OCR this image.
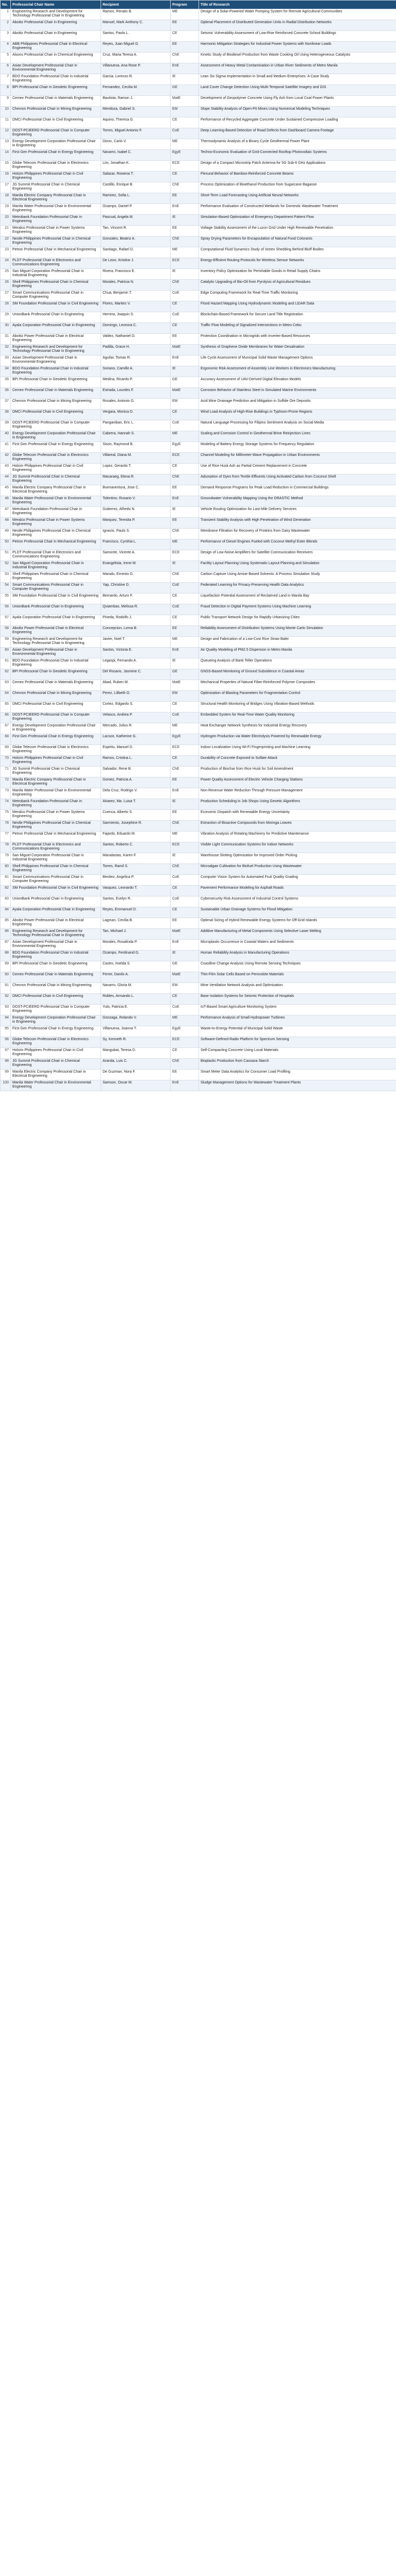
No.	Professorial Chair Name	Recipient	Program	Title of Research
1	Engineering Research and Development for Technology Professorial Chair in Engineering	Ramos, Renato B.	ME	Design of a Solar-Powered Water Pumping System for Remote Agricultural Communities
2	Aboitiz Professorial Chair in Engineering	Manuel, Mark Anthony C.	EE	Optimal Placement of Distributed Generation Units in Radial Distribution Networks
3	Aboitiz Professorial Chair in Engineering	Santos, Paolo L.	CE	Seismic Vulnerability Assessment of Low-Rise Reinforced Concrete School Buildings
4	ABB Philippines Professorial Chair in Electrical Engineering	Reyes, Juan Miguel D.	EE	Harmonic Mitigation Strategies for Industrial Power Systems with Nonlinear Loads
5	Alsons Professorial Chair in Chemical Engineering	Cruz, Maria Teresa A.	ChE	Kinetic Study of Biodiesel Production from Waste Cooking Oil Using Heterogeneous Catalysts
6	Asian Development Professorial Chair in Environmental Engineering	Villanueva, Ana Rose P.	EnE	Assessment of Heavy Metal Contamination in Urban River Sediments of Metro Manila
7	BDO Foundation Professorial Chair in Industrial Engineering	Garcia, Lorenzo R.	IE	Lean Six Sigma Implementation in Small and Medium Enterprises: A Case Study
8	BPI Professorial Chair in Geodetic Engineering	Fernandez, Cecilia M.	GE	Land Cover Change Detection Using Multi-Temporal Satellite Imagery and GIS
9	Cemex Professorial Chair in Materials Engineering	Bautista, Ramon J.	MatE	Development of Geopolymer Concrete Using Fly Ash from Local Coal Power Plants
10	Chevron Professorial Chair in Mining Engineering	Mendoza, Gabriel S.	EM	Slope Stability Analysis of Open-Pit Mines Using Numerical Modeling Techniques
11	DMCI Professorial Chair in Civil Engineering	Aquino, Theresa G.	CE	Performance of Recycled Aggregate Concrete Under Sustained Compressive Loading
12	DOST-PCIEERD Professorial Chair in Computer Engineering	Torres, Miguel Antonio F.	CoE	Deep Learning-Based Detection of Road Defects from Dashboard Camera Footage
13	Energy Development Corporation Professorial Chair in Engineering	Dizon, Carlo V.	ME	Thermodynamic Analysis of a Binary Cycle Geothermal Power Plant
14	First Gen Professorial Chair in Energy Engineering	Navarro, Isabel C.	EgyE	Techno-Economic Evaluation of Grid-Connected Rooftop Photovoltaic Systems
15	Globe Telecom Professorial Chair in Electronics Engineering	Lim, Jonathan K.	ECE	Design of a Compact Microstrip Patch Antenna for 5G Sub-6 GHz Applications
16	Holcim Philippines Professorial Chair in Civil Engineering	Salazar, Rowena T.	CE	Flexural Behavior of Bamboo-Reinforced Concrete Beams
17	JG Summit Professorial Chair in Chemical Engineering	Castillo, Enrique B.	ChE	Process Optimization of Bioethanol Production from Sugarcane Bagasse
18	Manila Electric Company Professorial Chair in Electrical Engineering	Ramirez, Sofia L.	EE	Short-Term Load Forecasting Using Artificial Neural Networks
19	Manila Water Professorial Chair in Environmental Engineering	Ocampo, Daniel P.	EnE	Performance Evaluation of Constructed Wetlands for Domestic Wastewater Treatment
20	Metrobank Foundation Professorial Chair in Engineering	Pascual, Angela M.	IE	Simulation-Based Optimization of Emergency Department Patient Flow
21	Meralco Professorial Chair in Power Systems Engineering	Tan, Vincent R.	EE	Voltage Stability Assessment of the Luzon Grid Under High Renewable Penetration
22	Nestle Philippines Professorial Chair in Chemical Engineering	Gonzales, Beatriz A.	ChE	Spray Drying Parameters for Encapsulation of Natural Food Colorants
23	Petron Professorial Chair in Mechanical Engineering	Santiago, Rafael D.	ME	Computational Fluid Dynamics Study of Vortex Shedding Behind Bluff Bodies
24	PLDT Professorial Chair in Electronics and Communications Engineering	De Leon, Kristine J.	ECE	Energy-Efficient Routing Protocols for Wireless Sensor Networks
25	San Miguel Corporation Professorial Chair in Industrial Engineering	Rivera, Francisco E.	IE	Inventory Policy Optimization for Perishable Goods in Retail Supply Chains
26	Shell Philippines Professorial Chair in Chemical Engineering	Morales, Patricia N.	ChE	Catalytic Upgrading of Bio-Oil from Pyrolysis of Agricultural Residues
27	Smart Communications Professorial Chair in Computer Engineering	Chua, Benjamin T.	CoE	Edge Computing Framework for Real-Time Traffic Monitoring
28	SM Foundation Professorial Chair in Civil Engineering	Flores, Marites V.	CE	Flood Hazard Mapping Using Hydrodynamic Modeling and LiDAR Data
29	UnionBank Professorial Chair in Engineering	Herrera, Joaquin S.	CoE	Blockchain-Based Framework for Secure Land Title Registration
30	Ayala Corporation Professorial Chair in Engineering	Domingo, Leonora C.	CE	Traffic Flow Modeling of Signalized Intersections in Metro Cebu
31	Aboitiz Power Professorial Chair in Electrical Engineering	Valdez, Nathaniel O.	EE	Protection Coordination in Microgrids with Inverter-Based Resources
32	Engineering Research and Development for Technology Professorial Chair in Engineering	Padilla, Grace H.	MatE	Synthesis of Graphene Oxide Membranes for Water Desalination
33	Asian Development Professorial Chair in Environmental Engineering	Aguilar, Tomas R.	EnE	Life Cycle Assessment of Municipal Solid Waste Management Options
34	BDO Foundation Professorial Chair in Industrial Engineering	Soriano, Camille A.	IE	Ergonomic Risk Assessment of Assembly Line Workers in Electronics Manufacturing
35	BPI Professorial Chair in Geodetic Engineering	Medina, Ricardo P.	GE	Accuracy Assessment of UAV-Derived Digital Elevation Models
36	Cemex Professorial Chair in Materials Engineering	Estrada, Lourdes F.	MatE	Corrosion Behavior of Stainless Steel in Simulated Marine Environments
37	Chevron Professorial Chair in Mining Engineering	Rosales, Antonio G.	EM	Acid Mine Drainage Prediction and Mitigation in Sulfide Ore Deposits
38	DMCI Professorial Chair in Civil Engineering	Vergara, Monica D.	CE	Wind Load Analysis of High-Rise Buildings in Typhoon-Prone Regions
39	DOST-PCIEERD Professorial Chair in Computer Engineering	Panganiban, Eric L.	CoE	Natural Language Processing for Filipino Sentiment Analysis on Social Media
40	Energy Development Corporation Professorial Chair in Engineering	Cabrera, Hannah S.	ME	Scaling and Corrosion Control in Geothermal Brine Reinjection Lines
41	First Gen Professorial Chair in Energy Engineering	Sison, Raymond B.	EgyE	Modeling of Battery Energy Storage Systems for Frequency Regulation
42	Globe Telecom Professorial Chair in Electronics Engineering	Villareal, Diana M.	ECE	Channel Modeling for Millimeter-Wave Propagation in Urban Environments
43	Holcim Philippines Professorial Chair in Civil Engineering	Lopez, Gerardo T.	CE	Use of Rice Husk Ash as Partial Cement Replacement in Concrete
44	JG Summit Professorial Chair in Chemical Engineering	Macaraeg, Elena R.	ChE	Adsorption of Dyes from Textile Effluents Using Activated Carbon from Coconut Shell
45	Manila Electric Company Professorial Chair in Electrical Engineering	Buenaventura, Jose C.	EE	Demand Response Programs for Peak Load Reduction in Commercial Buildings
46	Manila Water Professorial Chair in Environmental Engineering	Tolentino, Rosario V.	EnE	Groundwater Vulnerability Mapping Using the DRASTIC Method
47	Metrobank Foundation Professorial Chair in Engineering	Gutierrez, Alfredo N.	IE	Vehicle Routing Optimization for Last-Mile Delivery Services
48	Meralco Professorial Chair in Power Systems Engineering	Marquez, Teresita P.	EE	Transient Stability Analysis with High Penetration of Wind Generation
49	Nestle Philippines Professorial Chair in Chemical Engineering	Ignacio, Paulo S.	ChE	Membrane Filtration for Recovery of Proteins from Dairy Wastewater
50	Petron Professorial Chair in Mechanical Engineering	Francisco, Cynthia L.	ME	Performance of Diesel Engines Fueled with Coconut Methyl Ester Blends
51	PLDT Professorial Chair in Electronics and Communications Engineering	Samonte, Vicente A.	ECE	Design of Low-Noise Amplifiers for Satellite Communication Receivers
52	San Miguel Corporation Professorial Chair in Industrial Engineering	Evangelista, Irene M.	IE	Facility Layout Planning Using Systematic Layout Planning and Simulation
53	Shell Philippines Professorial Chair in Chemical Engineering	Manalo, Ernesto G.	ChE	Carbon Capture Using Amine-Based Solvents: A Process Simulation Study
54	Smart Communications Professorial Chair in Computer Engineering	Yap, Christine D.	CoE	Federated Learning for Privacy-Preserving Health Data Analytics
55	SM Foundation Professorial Chair in Civil Engineering	Bernardo, Arturo F.	CE	Liquefaction Potential Assessment of Reclaimed Land in Manila Bay
56	UnionBank Professorial Chair in Engineering	Quiambao, Melissa R.	CoE	Fraud Detection in Digital Payment Systems Using Machine Learning
57	Ayala Corporation Professorial Chair in Engineering	Pineda, Rodolfo J.	CE	Public Transport Network Design for Rapidly Urbanizing Cities
58	Aboitiz Power Professorial Chair in Electrical Engineering	Concepcion, Lorna B.	EE	Reliability Assessment of Distribution Systems Using Monte Carlo Simulation
59	Engineering Research and Development for Technology Professorial Chair in Engineering	Javier, Noel T.	ME	Design and Fabrication of a Low-Cost Rice Straw Baler
60	Asian Development Professorial Chair in Environmental Engineering	Santos, Victoria E.	EnE	Air Quality Modeling of PM2.5 Dispersion in Metro Manila
61	BDO Foundation Professorial Chair in Industrial Engineering	Legaspi, Fernando A.	IE	Queueing Analysis of Bank Teller Operations
62	BPI Professorial Chair in Geodetic Engineering	Del Rosario, Jasmine C.	GE	GNSS-Based Monitoring of Ground Subsidence in Coastal Areas
63	Cemex Professorial Chair in Materials Engineering	Abad, Ruben M.	MatE	Mechanical Properties of Natural Fiber-Reinforced Polymer Composites
64	Chevron Professorial Chair in Mining Engineering	Perez, Lilibeth O.	EM	Optimization of Blasting Parameters for Fragmentation Control
65	DMCI Professorial Chair in Civil Engineering	Cortez, Edgardo S.	CE	Structural Health Monitoring of Bridges Using Vibration-Based Methods
66	DOST-PCIEERD Professorial Chair in Computer Engineering	Velasco, Andrea P.	CoE	Embedded System for Real-Time Water Quality Monitoring
67	Energy Development Corporation Professorial Chair in Engineering	Mercado, Julius R.	ME	Heat Exchanger Network Synthesis for Industrial Energy Recovery
68	First Gen Professorial Chair in Energy Engineering	Lacson, Katherine G.	EgyE	Hydrogen Production via Water Electrolysis Powered by Renewable Energy
69	Globe Telecom Professorial Chair in Electronics Engineering	Espiritu, Manuel D.	ECE	Indoor Localization Using Wi-Fi Fingerprinting and Machine Learning
70	Holcim Philippines Professorial Chair in Civil Engineering	Ramos, Cristina L.	CE	Durability of Concrete Exposed to Sulfate Attack
71	JG Summit Professorial Chair in Chemical Engineering	Salvador, Rene B.	ChE	Production of Biochar from Rice Husk for Soil Amendment
72	Manila Electric Company Professorial Chair in Electrical Engineering	Gomez, Patricia A.	EE	Power Quality Assessment of Electric Vehicle Charging Stations
73	Manila Water Professorial Chair in Environmental Engineering	Dela Cruz, Rodrigo V.	EnE	Non-Revenue Water Reduction Through Pressure Management
74	Metrobank Foundation Professorial Chair in Engineering	Alvarez, Ma. Luisa T.	IE	Production Scheduling in Job Shops Using Genetic Algorithms
75	Meralco Professorial Chair in Power Systems Engineering	Cuenca, Alberto S.	EE	Economic Dispatch with Renewable Energy Uncertainty
76	Nestle Philippines Professorial Chair in Chemical Engineering	Sarmiento, Josephine R.	ChE	Extraction of Bioactive Compounds from Moringa Leaves
77	Petron Professorial Chair in Mechanical Engineering	Fajardo, Eduardo M.	ME	Vibration Analysis of Rotating Machinery for Predictive Maintenance
78	PLDT Professorial Chair in Electronics and Communications Engineering	Santos, Roberto C.	ECE	Visible Light Communication Systems for Indoor Networks
79	San Miguel Corporation Professorial Chair in Industrial Engineering	Manalastas, Karen F.	IE	Warehouse Slotting Optimization for Improved Order Picking
80	Shell Philippines Professorial Chair in Chemical Engineering	Torres, Ramil S.	ChE	Microalgae Cultivation for Biofuel Production Using Wastewater
81	Smart Communications Professorial Chair in Computer Engineering	Benitez, Angelica P.	CoE	Computer Vision System for Automated Fruit Quality Grading
82	SM Foundation Professorial Chair in Civil Engineering	Vasquez, Leonardo T.	CE	Pavement Performance Modeling for Asphalt Roads
83	UnionBank Professorial Chair in Engineering	Santos, Evelyn R.	CoE	Cybersecurity Risk Assessment of Industrial Control Systems
84	Ayala Corporation Professorial Chair in Engineering	Reyes, Emmanuel D.	CE	Sustainable Urban Drainage Systems for Flood Mitigation
85	Aboitiz Power Professorial Chair in Electrical Engineering	Lagman, Cecilia B.	EE	Optimal Sizing of Hybrid Renewable Energy Systems for Off-Grid Islands
86	Engineering Research and Development for Technology Professorial Chair in Engineering	Tan, Michael J.	MatE	Additive Manufacturing of Metal Components Using Selective Laser Melting
87	Asian Development Professorial Chair in Environmental Engineering	Morales, Rosalinda P.	EnE	Microplastic Occurrence in Coastal Waters and Sediments
88	BDO Foundation Professorial Chair in Industrial Engineering	Ocampo, Ferdinand G.	IE	Human Reliability Analysis in Manufacturing Operations
89	BPI Professorial Chair in Geodetic Engineering	Castro, Imelda S.	GE	Coastline Change Analysis Using Remote Sensing Techniques
90	Cemex Professorial Chair in Materials Engineering	Ferrer, Danilo A.	MatE	Thin-Film Solar Cells Based on Perovskite Materials
91	Chevron Professorial Chair in Mining Engineering	Navarro, Gloria M.	EM	Mine Ventilation Network Analysis and Optimization
92	DMCI Professorial Chair in Civil Engineering	Robles, Armando L.	CE	Base Isolation Systems for Seismic Protection of Hospitals
93	DOST-PCIEERD Professorial Chair in Computer Engineering	Yulo, Patricia E.	CoE	IoT-Based Smart Agriculture Monitoring System
94	Energy Development Corporation Professorial Chair in Engineering	Gonzaga, Rolando V.	ME	Performance Analysis of Small Hydropower Turbines
95	First Gen Professorial Chair in Energy Engineering	Villanueva, Joanna T.	EgyE	Waste-to-Energy Potential of Municipal Solid Waste
96	Globe Telecom Professorial Chair in Electronics Engineering	Sy, Kenneth R.	ECE	Software-Defined Radio Platform for Spectrum Sensing
97	Holcim Philippines Professorial Chair in Civil Engineering	Mangubat, Teresa D.	CE	Self-Compacting Concrete Using Local Materials
98	JG Summit Professorial Chair in Chemical Engineering	Aranda, Luis C.	ChE	Bioplastic Production from Cassava Starch
99	Manila Electric Company Professorial Chair in Electrical Engineering	De Guzman, Nora F.	EE	Smart Meter Data Analytics for Consumer Load Profiling
100	Manila Water Professorial Chair in Environmental Engineering	Samson, Oscar M.	EnE	Sludge Management Options for Wastewater Treatment Plants
